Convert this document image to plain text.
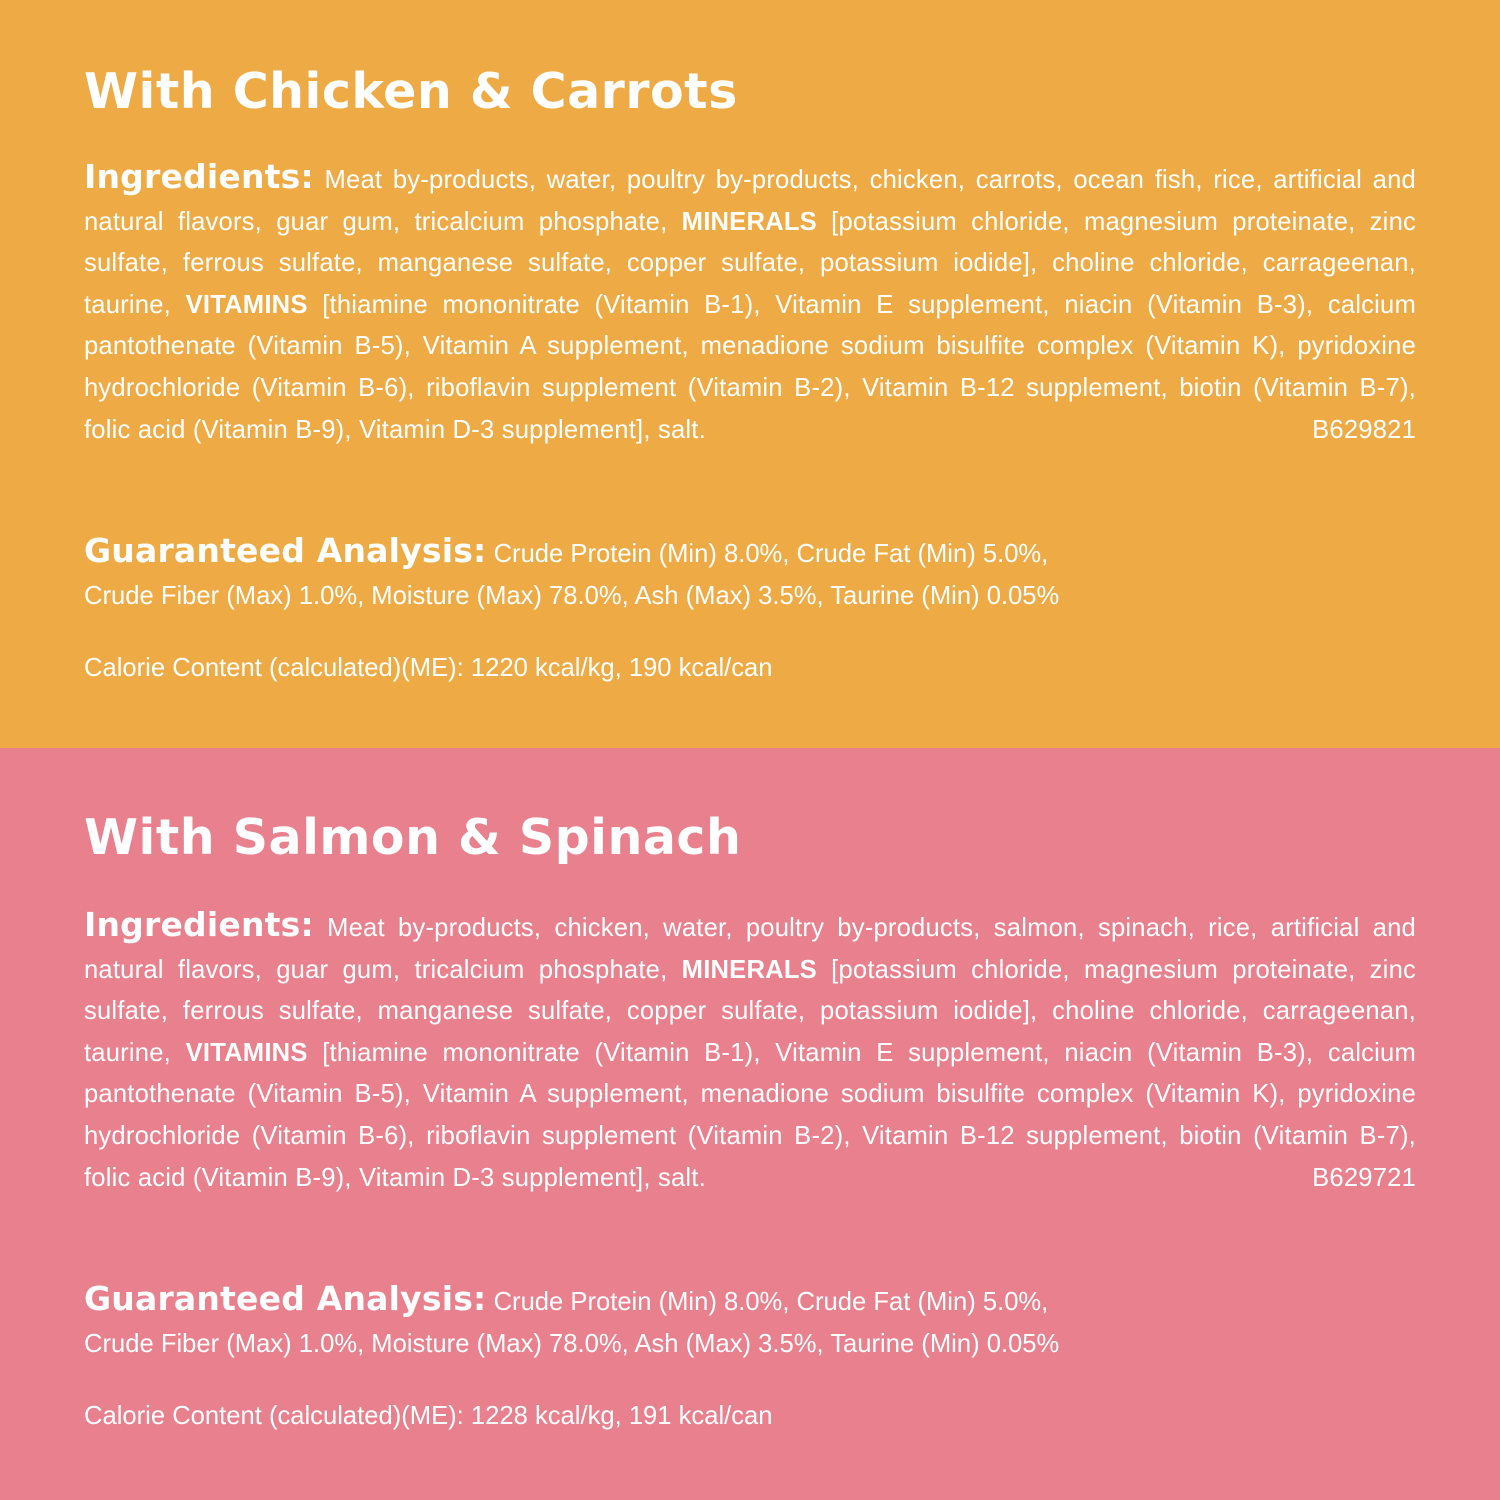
With Chicken & Carrots
Ingredients: Meat by-products, water, poultry by-products, chicken, carrots, ocean fish, rice, artificial and natural flavors, guar gum, tricalcium phosphate, MINERALS [potassium chloride, magnesium proteinate, zinc sulfate, ferrous sulfate, manganese sulfate, copper sulfate, potassium iodide], choline chloride, carrageenan, taurine, VITAMINS [thiamine mononitrate (Vitamin B-1), Vitamin E supplement, niacin (Vitamin B-3), calcium pantothenate (Vitamin B-5), Vitamin A supplement, menadione sodium bisulfite complex (Vitamin K), pyridoxine hydrochloride (Vitamin B-6), riboflavin supplement (Vitamin B-2), Vitamin B-12 supplement, biotin (Vitamin B-7), folic acid (Vitamin B-9), Vitamin D-3 supplement], salt.	B629821
Guaranteed Analysis: Crude Protein (Min) 8.0%, Crude Fat (Min) 5.0%,
Crude Fiber (Max) 1.0%, Moisture (Max) 78.0%, Ash (Max) 3.5%, Taurine (Min) 0.05%
Calorie Content (calculated)(ME): 1220 kcal/kg, 190 kcal/can
With Salmon & Spinach
Ingredients: Meat by-products, chicken, water, poultry by-products, salmon, spinach, rice, artificial and natural flavors, guar gum, tricalcium phosphate, MINERALS [potassium chloride, magnesium proteinate, zinc sulfate, ferrous sulfate, manganese sulfate, copper sulfate, potassium iodide], choline chloride, carrageenan, taurine, VITAMINS [thiamine mononitrate (Vitamin B-1), Vitamin E supplement, niacin (Vitamin B-3), calcium pantothenate (Vitamin B-5), Vitamin A supplement, menadione sodium bisulfite complex (Vitamin K), pyridoxine hydrochloride (Vitamin B-6), riboflavin supplement (Vitamin B-2), Vitamin B-12 supplement, biotin (Vitamin B-7), folic acid (Vitamin B-9), Vitamin D-3 supplement], salt.	B629721
Guaranteed Analysis: Crude Protein (Min) 8.0%, Crude Fat (Min) 5.0%,
Crude Fiber (Max) 1.0%, Moisture (Max) 78.0%, Ash (Max) 3.5%, Taurine (Min) 0.05%
Calorie Content (calculated)(ME): 1228 kcal/kg, 191 kcal/can
